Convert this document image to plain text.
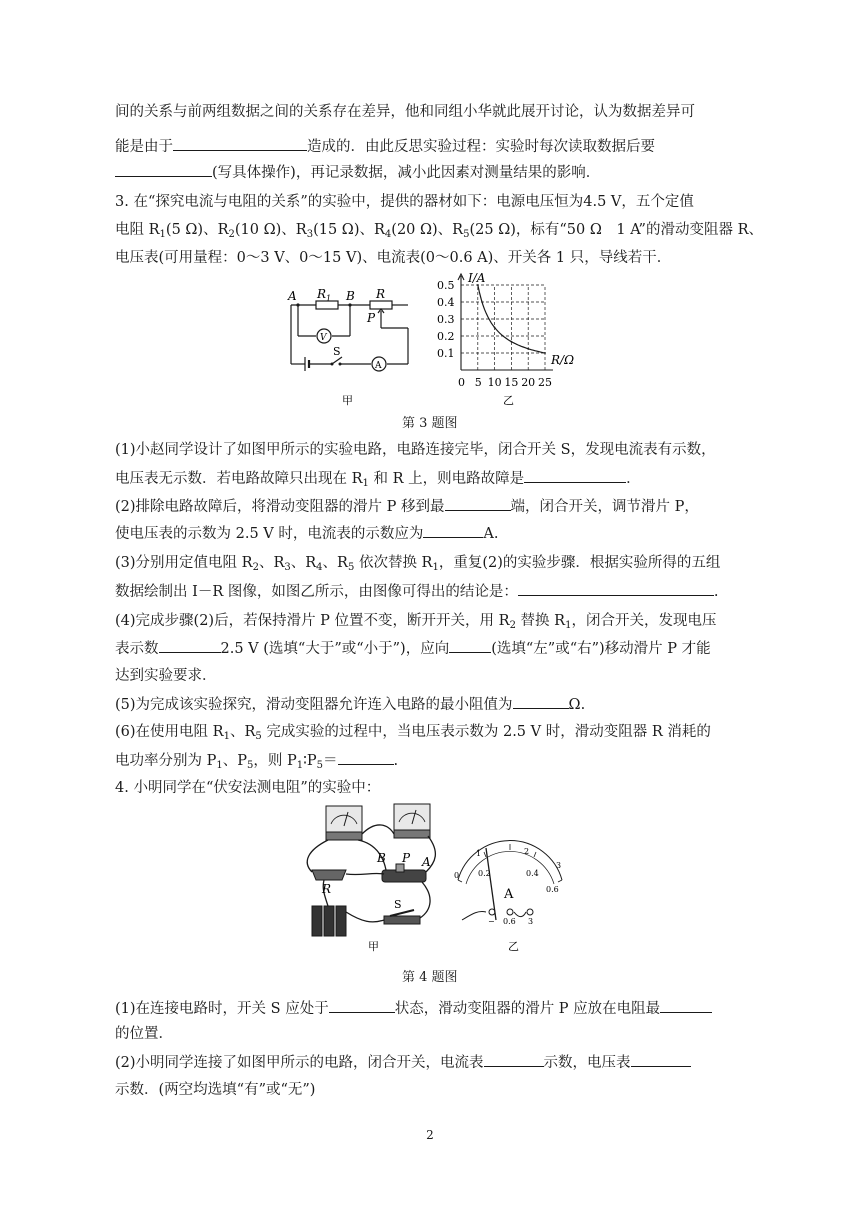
间的关系与前两组数据之间的关系存在差异，他和同组小华就此展开讨论，认为数据差异可
能是由于	造成的．由此反思实验过程：实验时每次读取数据后要
(写具体操作)，再记录数据，减小此因素对测量结果的影响．
3. 在“探究电流与电阻的关系”的实验中，提供的器材如下：电源电压恒为4.5 V，五个定值
电阻 $R_1(5$ Ω)、$R_2(10$ Ω)、$R_3(15$ Ω)、$R_4(20$ Ω)、$R_5(25$ Ω)，标有“50 Ω　1 A”的滑动变阻器 R、
电压表(可用量程：0～3 V、0～15 V)、电流表(0～0.6 A)、开关各 1 只，导线若干．
A $R_1$ B R
P
V
S
A
甲
0.5
0.4
0.3
0.2
0.1
0 5 10 15 20 25
I/A
R/Ω
乙
第 3 题图
(1)小赵同学设计了如图甲所示的实验电路，电路连接完毕，闭合开关 S，发现电流表有示数，
电压表无示数．若电路故障只出现在 $R_1$ 和 R 上，则电路故障是	．
(2)排除电路故障后，将滑动变阻器的滑片 P 移到最	端，闭合开关，调节滑片 P，
使电压表的示数为 2.5 V 时，电流表的示数应为	A.
(3)分别用定值电阻 $R_2$、$R_3$、$R_4$、$R_5$ 依次替换 $R_1$，重复(2)的实验步骤．根据实验所得的五组
数据绘制出 I－R 图像，如图乙所示，由图像可得出的结论是：	.
(4)完成步骤(2)后，若保持滑片 P 位置不变，断开开关，用 $R_2$ 替换 $R_1$，闭合开关，发现电压
表示数	2.5 V (选填“大于”或“小于”)，应向	(选填“左”或“右”)移动滑片 P 才能
达到实验要求．
(5)为完成该实验探究，滑动变阻器允许连入电路的最小阻值为	Ω.
(6)在使用电阻 $R_1$、$R_5$ 完成实验的过程中，当电压表示数为 2.5 V 时，滑动变阻器 R 消耗的
电功率分别为 $P_1$、$P_5$，则 $P_1∶P_5=$	.
4. 小明同学在“伏安法测电阻”的实验中：
B P A
R
S
甲
0 0.2	0.4
0.6
1	2
3
A
− 0.6 3
乙
第 4 题图
(1)在连接电路时，开关 S 应处于	状态，滑动变阻器的滑片 P 应放在电阻最
的位置．
(2)小明同学连接了如图甲所示的电路，闭合开关，电流表	示数，电压表
示数．(两空均选填“有”或“无”)
2
